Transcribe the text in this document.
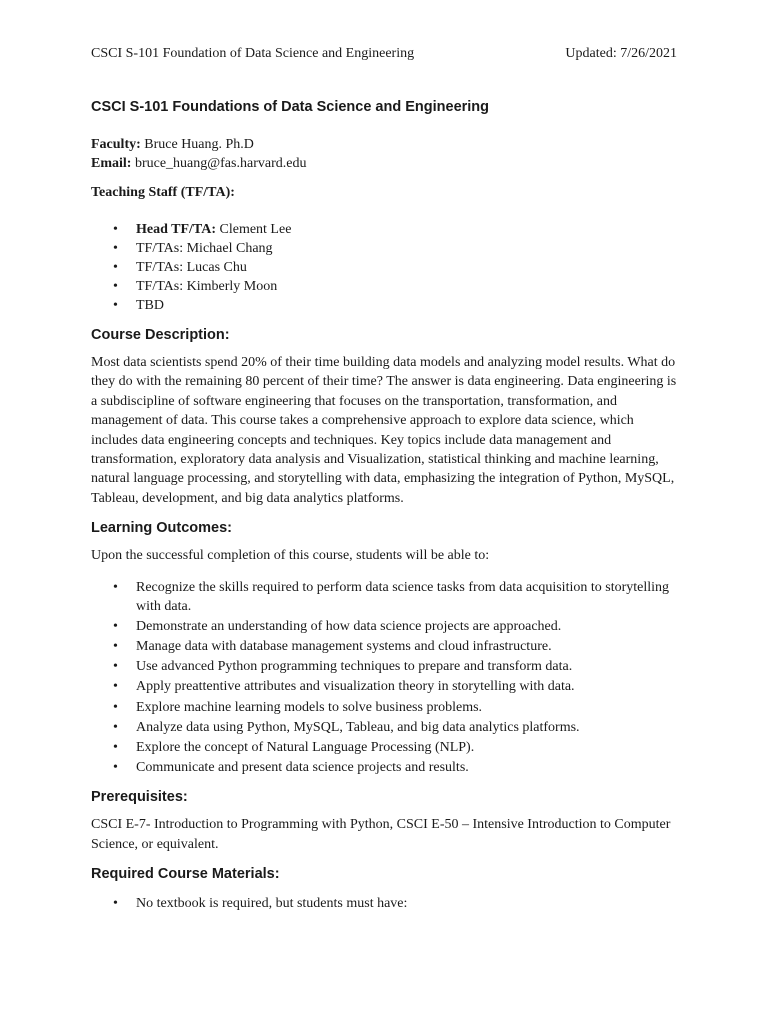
CSCI S-101 Foundation of Data Science and Engineering	Updated: 7/26/2021
CSCI S-101 Foundations of Data Science and Engineering

Faculty: Bruce Huang. Ph.D

Email: bruce_huang@fas.harvard.edu

Teaching Staff (TF/TA):

• Head TF/TA: Clement Lee
• TF/TAs: Michael Chang
• TF/TAs: Lucas Chu
• TF/TAs: Kimberly Moon
• TBD
Course Description:

Most data scientists spend 20% of their time building data models and analyzing model results. What do they do with the remaining 80 percent of their time? The answer is data engineering. Data engineering is a subdiscipline of software engineering that focuses on the transportation, transformation, and management of data. This course takes a comprehensive approach to explore data science, which includes data engineering concepts and techniques. Key topics include data management and transformation, exploratory data analysis and Visualization, statistical thinking and machine learning, natural language processing, and storytelling with data, emphasizing the integration of Python, MySQL, Tableau, development, and big data analytics platforms.

Learning Outcomes:

Upon the successful completion of this course, students will be able to:

• Recognize the skills required to perform data science tasks from data acquisition to storytelling with data.
• Demonstrate an understanding of how data science projects are approached.
• Manage data with database management systems and cloud infrastructure.
• Use advanced Python programming techniques to prepare and transform data.
• Apply preattentive attributes and visualization theory in storytelling with data.
• Explore machine learning models to solve business problems.
• Analyze data using Python, MySQL, Tableau, and big data analytics platforms.
• Explore the concept of Natural Language Processing (NLP).
• Communicate and present data science projects and results.
Prerequisites:

CSCI E-7- Introduction to Programming with Python, CSCI E-50 – Intensive Introduction to Computer Science, or equivalent.

Required Course Materials:
• No textbook is required, but students must have:
